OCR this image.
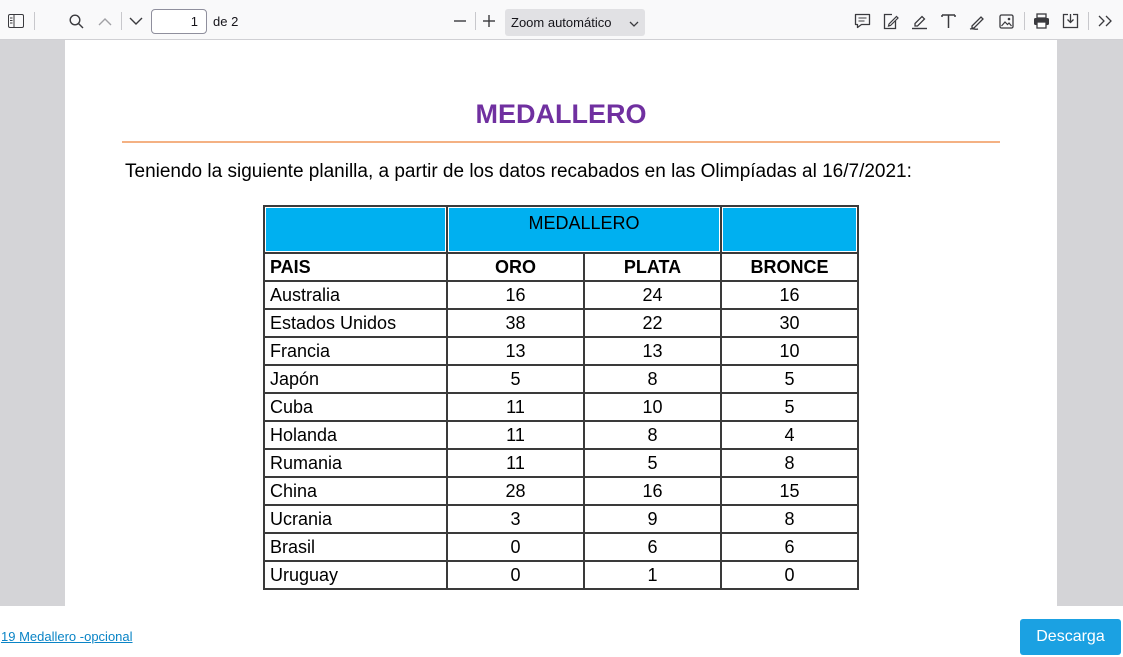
1
de 2	Zoom automático
MEDALLERO
Teniendo la siguiente planilla, a partir de los datos recabados en las Olimpíadas al 16/7/2021:
	MEDALLERO		
PAIS	ORO	PLATA	BRONCE
Australia	16	24	16
Estados Unidos	38	22	30
Francia	13	13	10
Japón	5	8	5
Cuba	11	10	5
Holanda	11	8	4
Rumania	11	5	8
China	28	16	15
Ucrania	3	9	8
Brasil	0	6	6
Uruguay	0	1	0
19 Medallero -opcional	Descarga
